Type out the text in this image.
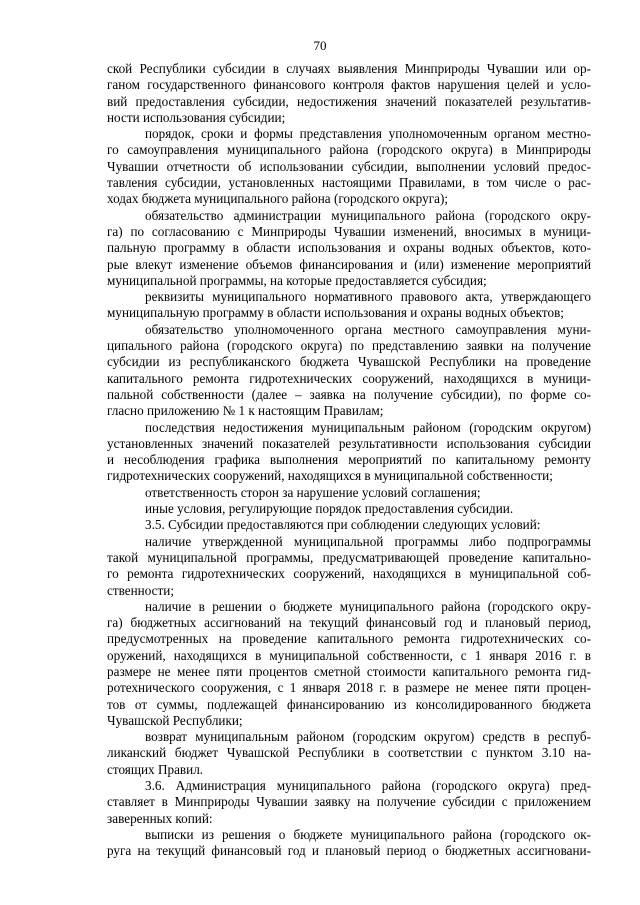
70
ской Республики субсидии в случаях выявления Минприроды Чувашии или ор-
ганом государственного финансового контроля фактов нарушения целей и усло-
вий предоставления субсидии, недостижения значений показателей результатив-
ности использования субсидии;
порядок, сроки и формы представления уполномоченным органом местно-
го самоуправления муниципального района (городского округа) в Минприроды
Чувашии отчетности об использовании субсидии, выполнении условий предос-
тавления субсидии, установленных настоящими Правилами, в том числе о рас-
ходах бюджета муниципального района (городского округа);
обязательство администрации муниципального района (городского окру-
га) по согласованию с Минприроды Чувашии изменений, вносимых в муници-
пальную программу в области использования и охраны водных объектов, кото-
рые влекут изменение объемов финансирования и (или) изменение мероприятий
муниципальной программы, на которые предоставляется субсидия;
реквизиты муниципального нормативного правового акта, утверждающего
муниципальную программу в области использования и охраны водных объектов;
обязательство уполномоченного органа местного самоуправления муни-
ципального района (городского округа) по представлению заявки на получение
субсидии из республиканского бюджета Чувашской Республики на проведение
капитального ремонта гидротехнических сооружений, находящихся в муници-
пальной собственности (далее – заявка на получение субсидии), по форме со-
гласно приложению № 1 к настоящим Правилам;
последствия недостижения муниципальным районом (городским округом)
установленных значений показателей результативности использования субсидии
и несоблюдения графика выполнения мероприятий по капитальному ремонту
гидротехнических сооружений, находящихся в муниципальной собственности;
ответственность сторон за нарушение условий соглашения;
иные условия, регулирующие порядок предоставления субсидии.
3.5. Субсидии предоставляются при соблюдении следующих условий:
наличие утвержденной муниципальной программы либо подпрограммы
такой муниципальной программы, предусматривающей проведение капитально-
го ремонта гидротехнических сооружений, находящихся в муниципальной соб-
ственности;
наличие в решении о бюджете муниципального района (городского окру-
га) бюджетных ассигнований на текущий финансовый год и плановый период,
предусмотренных на проведение капитального ремонта гидротехнических со-
оружений, находящихся в муниципальной собственности, с 1 января 2016 г. в
размере не менее пяти процентов сметной стоимости капитального ремонта гид-
ротехнического сооружения, с 1 января 2018 г. в размере не менее пяти процен-
тов от суммы, подлежащей финансированию из консолидированного бюджета
Чувашской Республики;
возврат муниципальным районом (городским округом) средств в респуб-
ликанский бюджет Чувашской Республики в соответствии с пунктом 3.10 на-
стоящих Правил.
3.6. Администрация муниципального района (городского округа) пред-
ставляет в Минприроды Чувашии заявку на получение субсидии с приложением
заверенных копий:
выписки из решения о бюджете муниципального района (городского ок-
руга на текущий финансовый год и плановый период о бюджетных ассигновани-
